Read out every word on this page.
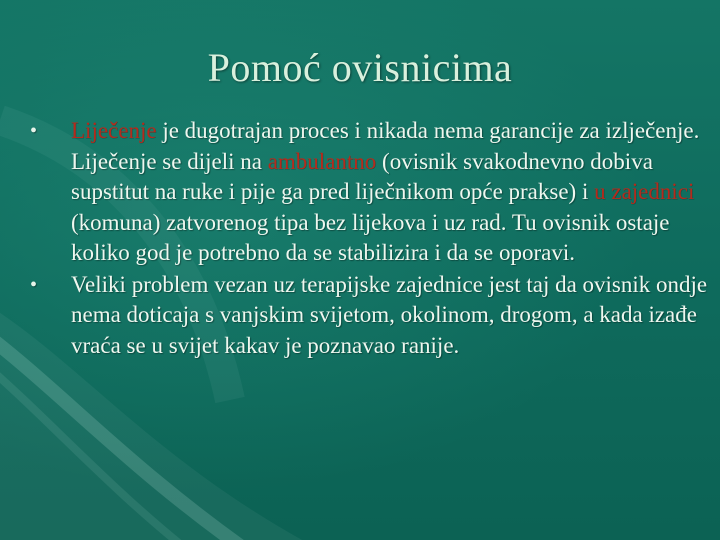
Pomoć ovisnicima
• Liječenje je dugotrajan proces i nikada nema garancije za izlječenje. Liječenje se dijeli na ambulantno (ovisnik svakodnevno dobiva supstitut na ruke i pije ga pred liječnikom opće prakse) i u zajednici (komuna) zatvorenog tipa bez lijekova i uz rad. Tu ovisnik ostaje koliko god je potrebno da se stabilizira i da se oporavi.
• Veliki problem vezan uz terapijske zajednice jest taj da ovisnik ondje nema doticaja s vanjskim svijetom, okolinom, drogom, a kada izađe vraća se u svijet kakav je poznavao ranije.
